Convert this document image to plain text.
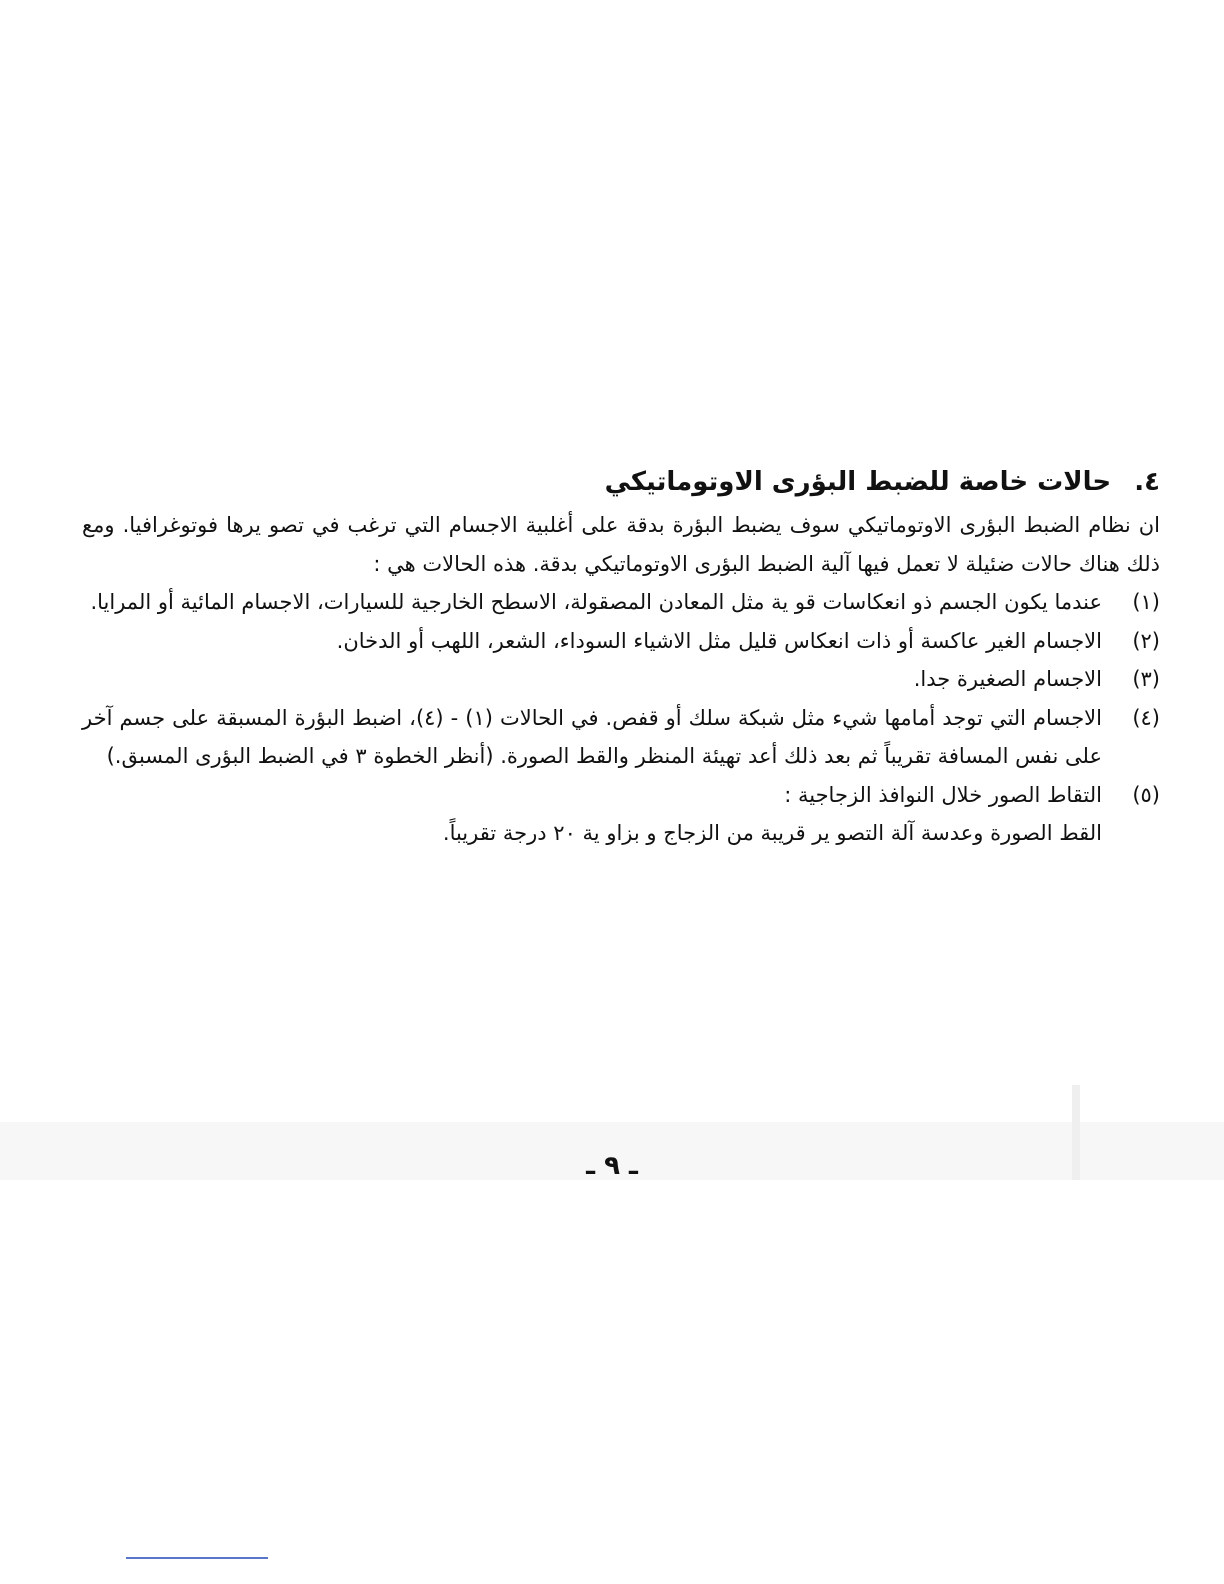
٤. حالات خاصة للضبط البؤرى الاوتوماتيكي

ان نظام الضبط البؤرى الاوتوماتيكي سوف يضبط البؤرة بدقة على أغلبية الاجسام التي ترغب في تصو يرها فوتوغرافيا. ومع ذلك هناك حالات ضئيلة لا تعمل فيها آلية الضبط البؤرى الاوتوماتيكي بدقة. هذه الحالات هي :

(١)
عندما يكون الجسم ذو انعكاسات قو ية مثل المعادن المصقولة، الاسطح الخارجية للسيارات، الاجسام المائية أو المرايا.
(٢)
الاجسام الغير عاكسة أو ذات انعكاس قليل مثل الاشياء السوداء، الشعر، اللهب أو الدخان.
(٣)
الاجسام الصغيرة جدا.
(٤)
الاجسام التي توجد أمامها شيء مثل شبكة سلك أو قفص. في الحالات (١) - (٤)، اضبط البؤرة المسبقة على جسم آخر على نفس المسافة تقريباً ثم بعد ذلك أعد تهيئة المنظر والقط الصورة. (أنظر الخطوة ٣ في الضبط البؤرى المسبق.)
(٥)
التقاط الصور خلال النوافذ الزجاجية :
القط الصورة وعدسة آلة التصو ير قريبة من الزجاج و بزاو ية ٢٠ درجة تقريباً.
ـ ٩ ـ
